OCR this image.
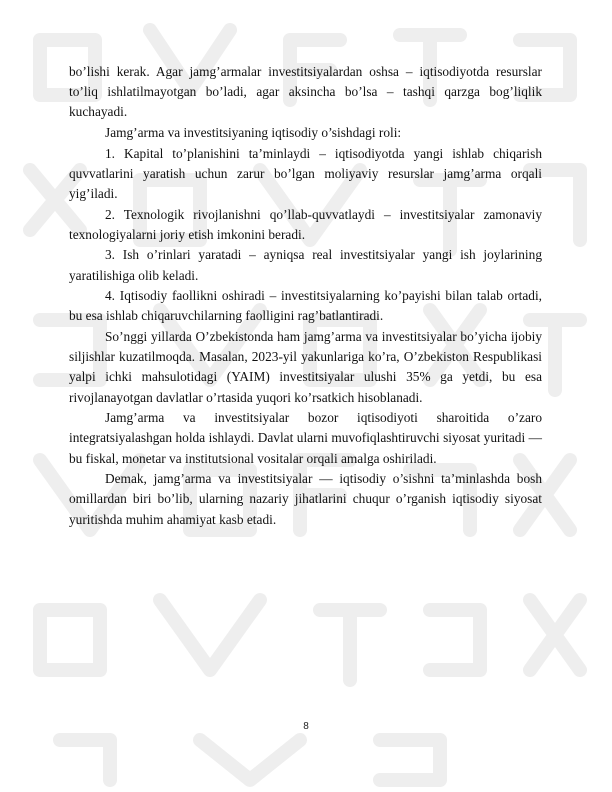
bo’lishi kerak. Agar jamg’armalar investitsiyalardan oshsa – iqtisodiyotda resurslar to’liq ishlatilmayotgan bo’ladi, agar aksincha bo’lsa – tashqi qarzga bog’liqlik kuchayadi.

Jamg’arma va investitsiyaning iqtisodiy o’sishdagi roli:

1. Kapital to’planishini ta’minlaydi – iqtisodiyotda yangi ishlab chiqarish quvvatlarini yaratish uchun zarur bo’lgan moliyaviy resurslar jamg’arma orqali yig’iladi.

2. Texnologik rivojlanishni qo’llab-quvvatlaydi – investitsiyalar zamonaviy texnologiyalarni joriy etish imkonini beradi.

3. Ish o’rinlari yaratadi – ayniqsa real investitsiyalar yangi ish joylarining yaratilishiga olib keladi.

4. Iqtisodiy faollikni oshiradi – investitsiyalarning ko’payishi bilan talab ortadi, bu esa ishlab chiqaruvchilarning faolligini rag’batlantiradi.

So’nggi yillarda O’zbekistonda ham jamg’arma va investitsiyalar bo’yicha ijobiy siljishlar kuzatilmoqda. Masalan, 2023-yil yakunlariga ko’ra, O’zbekiston Respublikasi yalpi ichki mahsulotidagi (YAIM) investitsiyalar ulushi 35% ga yetdi, bu esa rivojlanayotgan davlatlar o’rtasida yuqori ko’rsatkich hisoblanadi.

Jamg’arma va investitsiyalar bozor iqtisodiyoti sharoitida o’zaro integratsiyalashgan holda ishlaydi. Davlat ularni muvofiqlashtiruvchi siyosat yuritadi — bu fiskal, monetar va institutsional vositalar orqali amalga oshiriladi.

Demak, jamg’arma va investitsiyalar — iqtisodiy o’sishni ta’minlashda bosh omillardan biri bo’lib, ularning nazariy jihatlarini chuqur o’rganish iqtisodiy siyosat yuritishda muhim ahamiyat kasb etadi.

8
